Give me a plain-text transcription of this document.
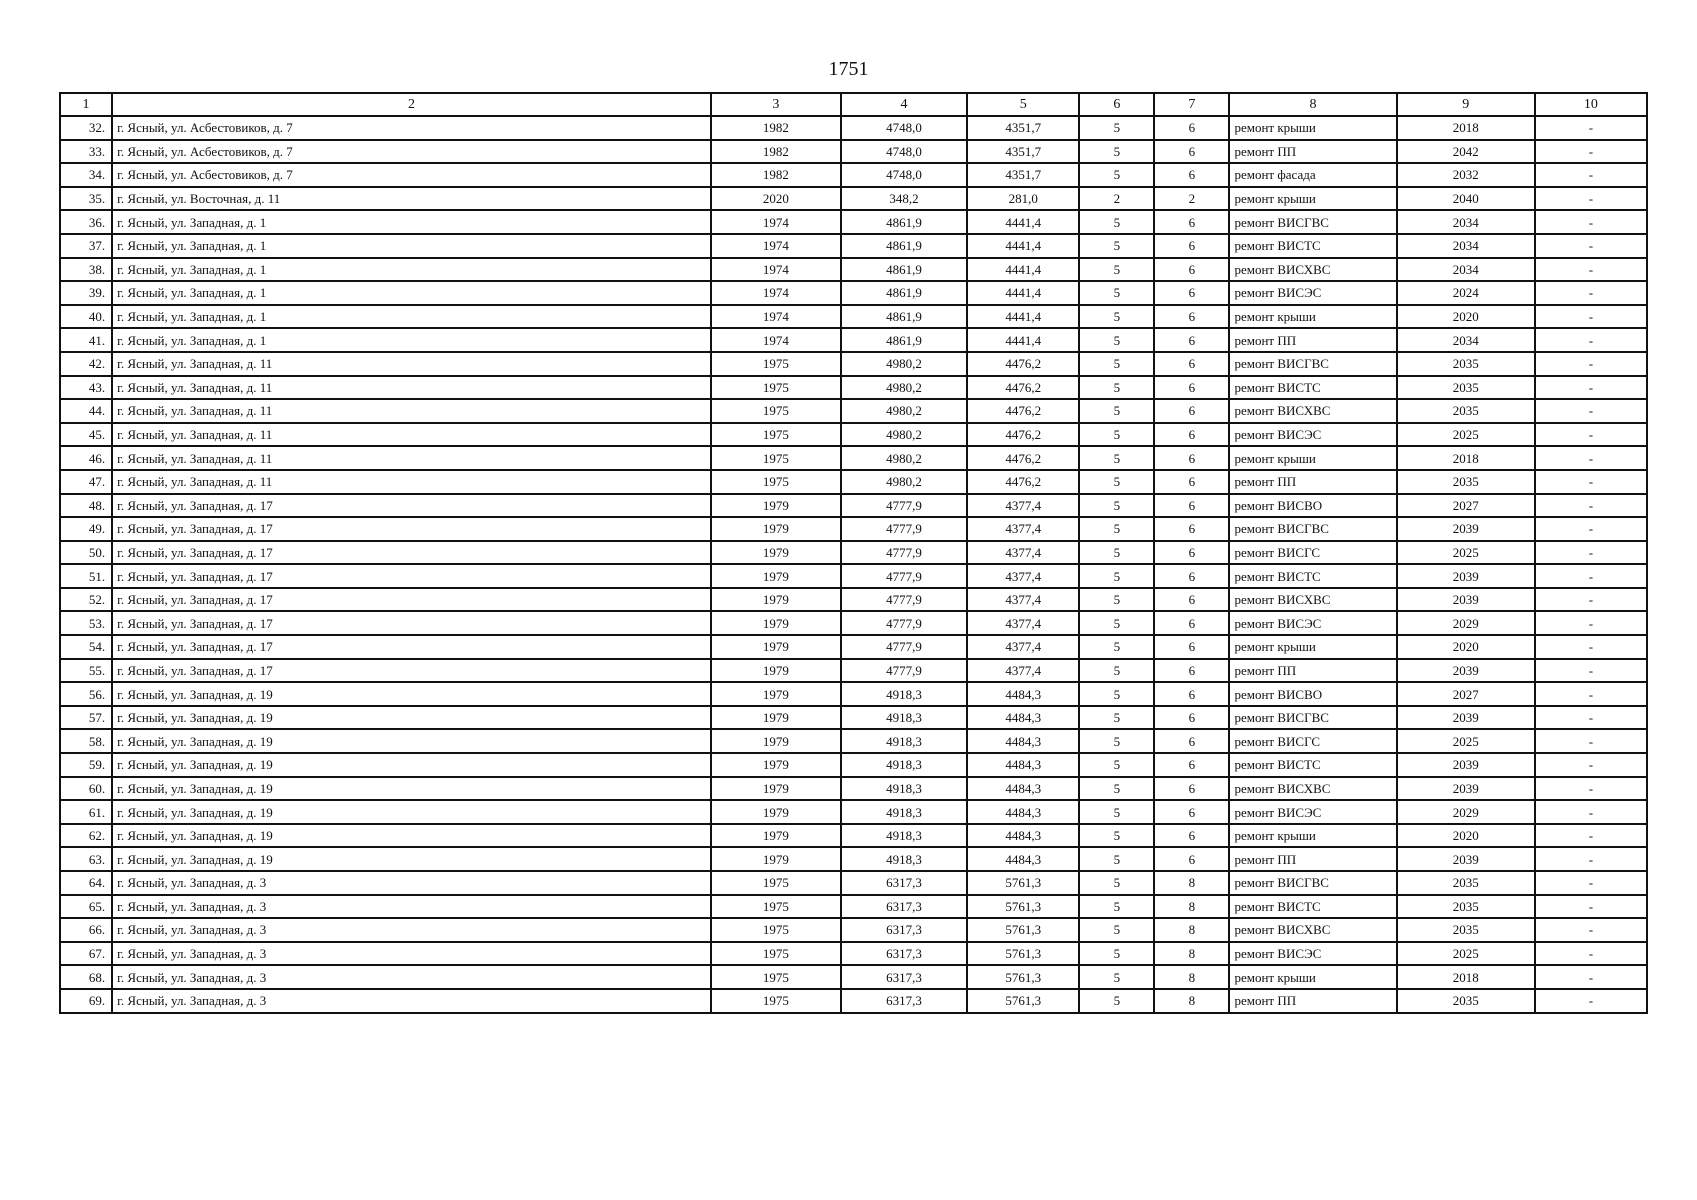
1751
1	2	3	4	5	6	7	8	9	10
32.	г. Ясный, ул. Асбестовиков, д. 7	1982	4748,0	4351,7	5	6	ремонт крыши	2018	-
33.	г. Ясный, ул. Асбестовиков, д. 7	1982	4748,0	4351,7	5	6	ремонт ПП	2042	-
34.	г. Ясный, ул. Асбестовиков, д. 7	1982	4748,0	4351,7	5	6	ремонт фасада	2032	-
35.	г. Ясный, ул. Восточная, д. 11	2020	348,2	281,0	2	2	ремонт крыши	2040	-
36.	г. Ясный, ул. Западная, д. 1	1974	4861,9	4441,4	5	6	ремонт ВИСГВС	2034	-
37.	г. Ясный, ул. Западная, д. 1	1974	4861,9	4441,4	5	6	ремонт ВИСТС	2034	-
38.	г. Ясный, ул. Западная, д. 1	1974	4861,9	4441,4	5	6	ремонт ВИСХВС	2034	-
39.	г. Ясный, ул. Западная, д. 1	1974	4861,9	4441,4	5	6	ремонт ВИСЭС	2024	-
40.	г. Ясный, ул. Западная, д. 1	1974	4861,9	4441,4	5	6	ремонт крыши	2020	-
41.	г. Ясный, ул. Западная, д. 1	1974	4861,9	4441,4	5	6	ремонт ПП	2034	-
42.	г. Ясный, ул. Западная, д. 11	1975	4980,2	4476,2	5	6	ремонт ВИСГВС	2035	-
43.	г. Ясный, ул. Западная, д. 11	1975	4980,2	4476,2	5	6	ремонт ВИСТС	2035	-
44.	г. Ясный, ул. Западная, д. 11	1975	4980,2	4476,2	5	6	ремонт ВИСХВС	2035	-
45.	г. Ясный, ул. Западная, д. 11	1975	4980,2	4476,2	5	6	ремонт ВИСЭС	2025	-
46.	г. Ясный, ул. Западная, д. 11	1975	4980,2	4476,2	5	6	ремонт крыши	2018	-
47.	г. Ясный, ул. Западная, д. 11	1975	4980,2	4476,2	5	6	ремонт ПП	2035	-
48.	г. Ясный, ул. Западная, д. 17	1979	4777,9	4377,4	5	6	ремонт ВИСВО	2027	-
49.	г. Ясный, ул. Западная, д. 17	1979	4777,9	4377,4	5	6	ремонт ВИСГВС	2039	-
50.	г. Ясный, ул. Западная, д. 17	1979	4777,9	4377,4	5	6	ремонт ВИСГС	2025	-
51.	г. Ясный, ул. Западная, д. 17	1979	4777,9	4377,4	5	6	ремонт ВИСТС	2039	-
52.	г. Ясный, ул. Западная, д. 17	1979	4777,9	4377,4	5	6	ремонт ВИСХВС	2039	-
53.	г. Ясный, ул. Западная, д. 17	1979	4777,9	4377,4	5	6	ремонт ВИСЭС	2029	-
54.	г. Ясный, ул. Западная, д. 17	1979	4777,9	4377,4	5	6	ремонт крыши	2020	-
55.	г. Ясный, ул. Западная, д. 17	1979	4777,9	4377,4	5	6	ремонт ПП	2039	-
56.	г. Ясный, ул. Западная, д. 19	1979	4918,3	4484,3	5	6	ремонт ВИСВО	2027	-
57.	г. Ясный, ул. Западная, д. 19	1979	4918,3	4484,3	5	6	ремонт ВИСГВС	2039	-
58.	г. Ясный, ул. Западная, д. 19	1979	4918,3	4484,3	5	6	ремонт ВИСГС	2025	-
59.	г. Ясный, ул. Западная, д. 19	1979	4918,3	4484,3	5	6	ремонт ВИСТС	2039	-
60.	г. Ясный, ул. Западная, д. 19	1979	4918,3	4484,3	5	6	ремонт ВИСХВС	2039	-
61.	г. Ясный, ул. Западная, д. 19	1979	4918,3	4484,3	5	6	ремонт ВИСЭС	2029	-
62.	г. Ясный, ул. Западная, д. 19	1979	4918,3	4484,3	5	6	ремонт крыши	2020	-
63.	г. Ясный, ул. Западная, д. 19	1979	4918,3	4484,3	5	6	ремонт ПП	2039	-
64.	г. Ясный, ул. Западная, д. 3	1975	6317,3	5761,3	5	8	ремонт ВИСГВС	2035	-
65.	г. Ясный, ул. Западная, д. 3	1975	6317,3	5761,3	5	8	ремонт ВИСТС	2035	-
66.	г. Ясный, ул. Западная, д. 3	1975	6317,3	5761,3	5	8	ремонт ВИСХВС	2035	-
67.	г. Ясный, ул. Западная, д. 3	1975	6317,3	5761,3	5	8	ремонт ВИСЭС	2025	-
68.	г. Ясный, ул. Западная, д. 3	1975	6317,3	5761,3	5	8	ремонт крыши	2018	-
69.	г. Ясный, ул. Западная, д. 3	1975	6317,3	5761,3	5	8	ремонт ПП	2035	-
